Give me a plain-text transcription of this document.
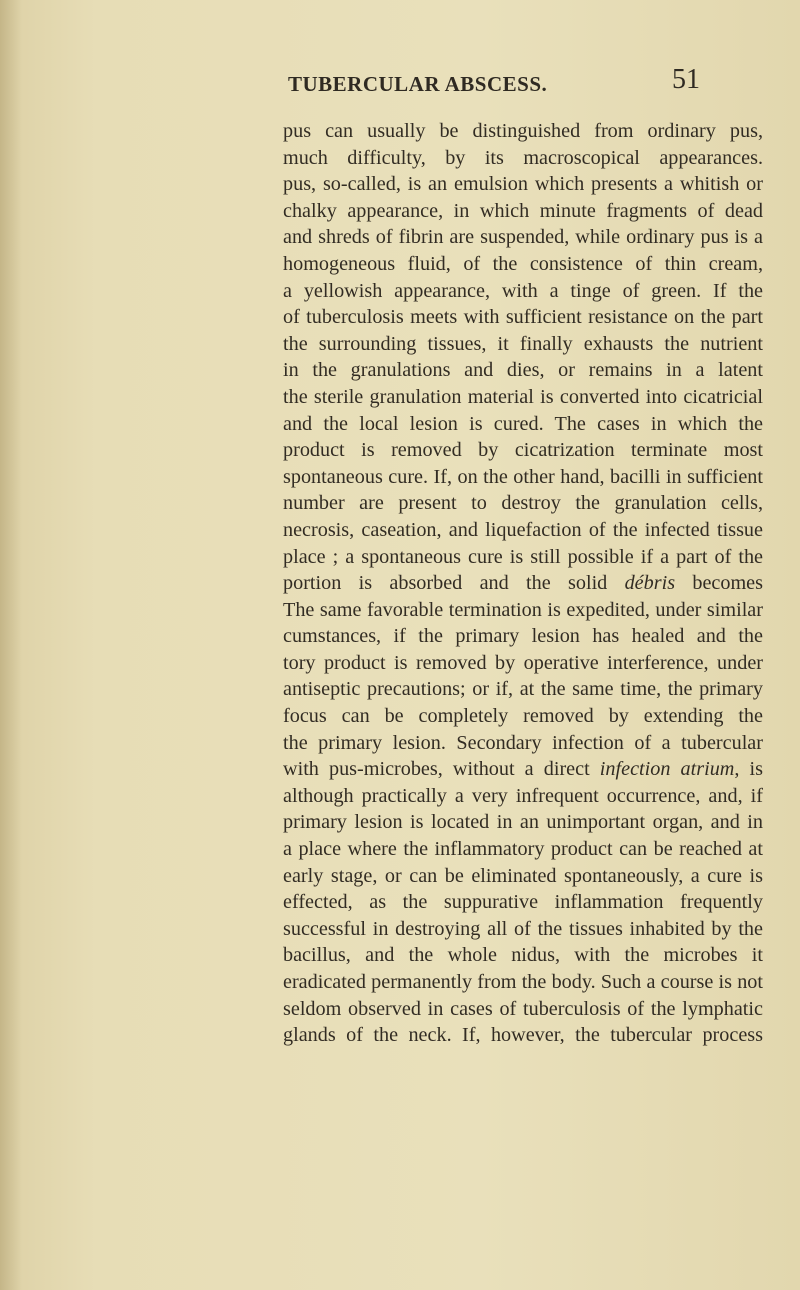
TUBERCULAR ABSCESS.	51
pus can usually be distinguished from ordinary pus,
much difficulty, by its macroscopical appearances.
pus, so-called, is an emulsion which presents a whitish or
chalky appearance, in which minute fragments of dead
and shreds of fibrin are suspended, while ordinary pus is a
homogeneous fluid, of the consistence of thin cream,
a yellowish appearance, with a tinge of green. If the
of tuberculosis meets with sufficient resistance on the part
the surrounding tissues, it finally exhausts the nutrient
in the granulations and dies, or remains in a latent
the sterile granulation material is converted into cicatricial
and the local lesion is cured. The cases in which the
product is removed by cicatrization terminate most
spontaneous cure. If, on the other hand, bacilli in sufficient
number are present to destroy the granulation cells,
necrosis, caseation, and liquefaction of the infected tissue
place ; a spontaneous cure is still possible if a part of the
portion is absorbed and the solid débris becomes
The same favorable termination is expedited, under similar
cumstances, if the primary lesion has healed and the
tory product is removed by operative interference, under
antiseptic precautions; or if, at the same time, the primary
focus can be completely removed by extending the
the primary lesion. Secondary infection of a tubercular
with pus-microbes, without a direct infection atrium, is
although practically a very infrequent occurrence, and, if
primary lesion is located in an unimportant organ, and in
a place where the inflammatory product can be reached at
early stage, or can be eliminated spontaneously, a cure is
effected, as the suppurative inflammation frequently
successful in destroying all of the tissues inhabited by the
bacillus, and the whole nidus, with the microbes it
eradicated permanently from the body. Such a course is not
seldom observed in cases of tuberculosis of the lymphatic
glands of the neck. If, however, the tubercular process
